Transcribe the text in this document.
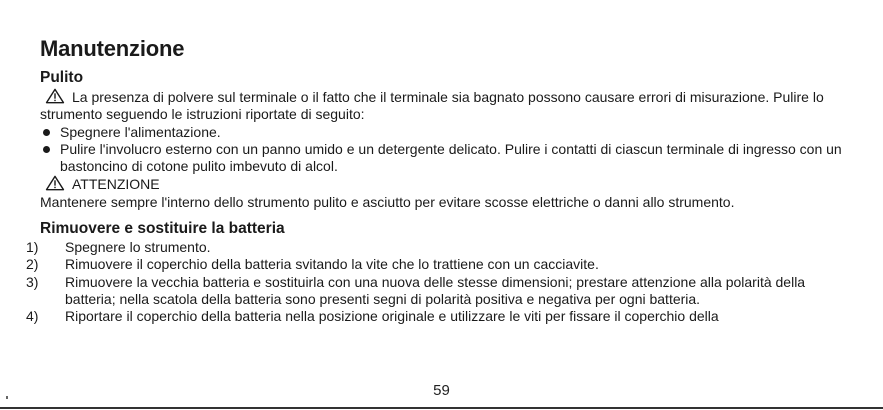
Manutenzione
Pulito

La presenza di polvere sul terminale o il fatto che il terminale sia bagnato possono causare errori di misurazione. Pulire lo strumento seguendo le istruzioni riportate di seguito:

Spegnere l'alimentazione.
Pulire l'involucro esterno con un panno umido e un detergente delicato. Pulire i contatti di ciascun terminale di ingresso con un bastoncino di cotone pulito imbevuto di alcol.

ATTENZIONE

Mantenere sempre l'interno dello strumento pulito e asciutto per evitare scosse elettriche o danni allo strumento.

Rimuovere e sostituire la batteria
1) Spegnere lo strumento.
2) Rimuovere il coperchio della batteria svitando la vite che lo trattiene con un cacciavite.
3) Rimuovere la vecchia batteria e sostituirla con una nuova delle stesse dimensioni; prestare attenzione alla polarità della batteria; nella scatola della batteria sono presenti segni di polarità positiva e negativa per ogni batteria.
4) Riportare il coperchio della batteria nella posizione originale e utilizzare le viti per fissare il coperchio della
59
